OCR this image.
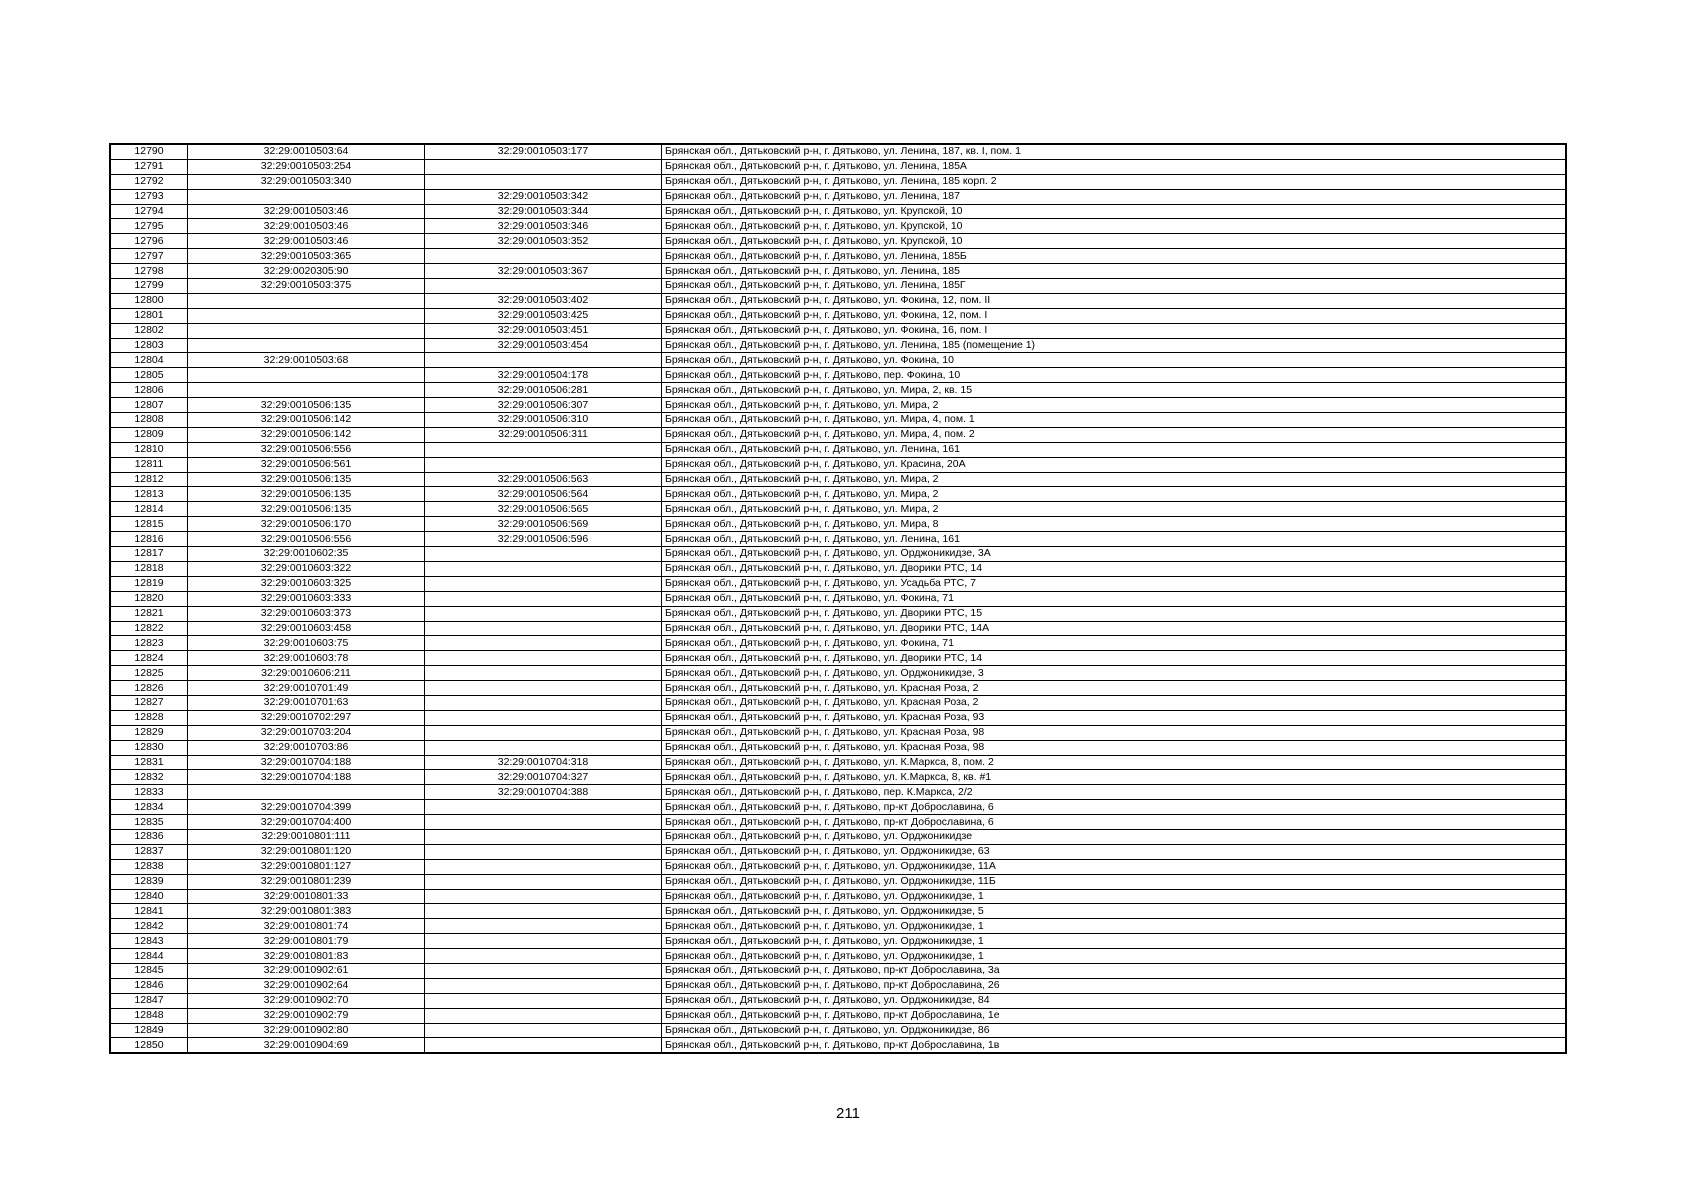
12790	32:29:0010503:64	32:29:0010503:177	Брянская обл., Дятьковский р-н, г. Дятьково, ул. Ленина, 187, кв. I, пом. 1
12791	32:29:0010503:254		Брянская обл., Дятьковский р-н, г. Дятьково, ул. Ленина, 185А
12792	32:29:0010503:340		Брянская обл., Дятьковский р-н, г. Дятьково, ул. Ленина, 185 корп. 2
12793		32:29:0010503:342	Брянская обл., Дятьковский р-н, г. Дятьково, ул. Ленина, 187
12794	32:29:0010503:46	32:29:0010503:344	Брянская обл., Дятьковский р-н, г. Дятьково, ул. Крупской, 10
12795	32:29:0010503:46	32:29:0010503:346	Брянская обл., Дятьковский р-н, г. Дятьково, ул. Крупской, 10
12796	32:29:0010503:46	32:29:0010503:352	Брянская обл., Дятьковский р-н, г. Дятьково, ул. Крупской, 10
12797	32:29:0010503:365		Брянская обл., Дятьковский р-н, г. Дятьково, ул. Ленина, 185Б
12798	32:29:0020305:90	32:29:0010503:367	Брянская обл., Дятьковский р-н, г. Дятьково, ул. Ленина, 185
12799	32:29:0010503:375		Брянская обл., Дятьковский р-н, г. Дятьково, ул. Ленина, 185Г
12800		32:29:0010503:402	Брянская обл., Дятьковский р-н, г. Дятьково, ул. Фокина, 12, пом. II
12801		32:29:0010503:425	Брянская обл., Дятьковский р-н, г. Дятьково, ул. Фокина, 12, пом. I
12802		32:29:0010503:451	Брянская обл., Дятьковский р-н, г. Дятьково, ул. Фокина, 16, пом. I
12803		32:29:0010503:454	Брянская обл., Дятьковский р-н, г. Дятьково, ул. Ленина, 185 (помещение 1)
12804	32:29:0010503:68		Брянская обл., Дятьковский р-н, г. Дятьково, ул. Фокина, 10
12805		32:29:0010504:178	Брянская обл., Дятьковский р-н, г. Дятьково, пер. Фокина, 10
12806		32:29:0010506:281	Брянская обл., Дятьковский р-н, г. Дятьково, ул. Мира, 2, кв. 15
12807	32:29:0010506:135	32:29:0010506:307	Брянская обл., Дятьковский р-н, г. Дятьково, ул. Мира, 2
12808	32:29:0010506:142	32:29:0010506:310	Брянская обл., Дятьковский р-н, г. Дятьково, ул. Мира, 4, пом. 1
12809	32:29:0010506:142	32:29:0010506:311	Брянская обл., Дятьковский р-н, г. Дятьково, ул. Мира, 4, пом. 2
12810	32:29:0010506:556		Брянская обл., Дятьковский р-н, г. Дятьково, ул. Ленина, 161
12811	32:29:0010506:561		Брянская обл., Дятьковский р-н, г. Дятьково, ул. Красина, 20А
12812	32:29:0010506:135	32:29:0010506:563	Брянская обл., Дятьковский р-н, г. Дятьково, ул. Мира, 2
12813	32:29:0010506:135	32:29:0010506:564	Брянская обл., Дятьковский р-н, г. Дятьково, ул. Мира, 2
12814	32:29:0010506:135	32:29:0010506:565	Брянская обл., Дятьковский р-н, г. Дятьково, ул. Мира, 2
12815	32:29:0010506:170	32:29:0010506:569	Брянская обл., Дятьковский р-н, г. Дятьково, ул. Мира, 8
12816	32:29:0010506:556	32:29:0010506:596	Брянская обл., Дятьковский р-н, г. Дятьково, ул. Ленина, 161
12817	32:29:0010602:35		Брянская обл., Дятьковский р-н, г. Дятьково, ул. Орджоникидзе, 3А
12818	32:29:0010603:322		Брянская обл., Дятьковский р-н, г. Дятьково, ул. Дворики РТС, 14
12819	32:29:0010603:325		Брянская обл., Дятьковский р-н, г. Дятьково, ул. Усадьба РТС, 7
12820	32:29:0010603:333		Брянская обл., Дятьковский р-н, г. Дятьково, ул. Фокина, 71
12821	32:29:0010603:373		Брянская обл., Дятьковский р-н, г. Дятьково, ул. Дворики РТС, 15
12822	32:29:0010603:458		Брянская обл., Дятьковский р-н, г. Дятьково, ул. Дворики РТС, 14А
12823	32:29:0010603:75		Брянская обл., Дятьковский р-н, г. Дятьково, ул. Фокина, 71
12824	32:29:0010603:78		Брянская обл., Дятьковский р-н, г. Дятьково, ул. Дворики РТС, 14
12825	32:29:0010606:211		Брянская обл., Дятьковский р-н, г. Дятьково, ул. Орджоникидзе, 3
12826	32:29:0010701:49		Брянская обл., Дятьковский р-н, г. Дятьково, ул. Красная Роза, 2
12827	32:29:0010701:63		Брянская обл., Дятьковский р-н, г. Дятьково, ул. Красная Роза, 2
12828	32:29:0010702:297		Брянская обл., Дятьковский р-н, г. Дятьково, ул. Красная Роза, 93
12829	32:29:0010703:204		Брянская обл., Дятьковский р-н, г. Дятьково, ул. Красная Роза, 98
12830	32:29:0010703:86		Брянская обл., Дятьковский р-н, г. Дятьково, ул. Красная Роза, 98
12831	32:29:0010704:188	32:29:0010704:318	Брянская обл., Дятьковский р-н, г. Дятьково, ул. К.Маркса, 8, пом. 2
12832	32:29:0010704:188	32:29:0010704:327	Брянская обл., Дятьковский р-н, г. Дятьково, ул. К.Маркса, 8, кв. #1
12833		32:29:0010704:388	Брянская обл., Дятьковский р-н, г. Дятьково, пер. К.Маркса, 2/2
12834	32:29:0010704:399		Брянская обл., Дятьковский р-н, г. Дятьково, пр-кт Доброславина, 6
12835	32:29:0010704:400		Брянская обл., Дятьковский р-н, г. Дятьково, пр-кт Доброславина, 6
12836	32:29:0010801:111		Брянская обл., Дятьковский р-н, г. Дятьково, ул. Орджоникидзе
12837	32:29:0010801:120		Брянская обл., Дятьковский р-н, г. Дятьково, ул. Орджоникидзе, 63
12838	32:29:0010801:127		Брянская обл., Дятьковский р-н, г. Дятьково, ул. Орджоникидзе, 11А
12839	32:29:0010801:239		Брянская обл., Дятьковский р-н, г. Дятьково, ул. Орджоникидзе, 11Б
12840	32:29:0010801:33		Брянская обл., Дятьковский р-н, г. Дятьково, ул. Орджоникидзе, 1
12841	32:29:0010801:383		Брянская обл., Дятьковский р-н, г. Дятьково, ул. Орджоникидзе, 5
12842	32:29:0010801:74		Брянская обл., Дятьковский р-н, г. Дятьково, ул. Орджоникидзе, 1
12843	32:29:0010801:79		Брянская обл., Дятьковский р-н, г. Дятьково, ул. Орджоникидзе, 1
12844	32:29:0010801:83		Брянская обл., Дятьковский р-н, г. Дятьково, ул. Орджоникидзе, 1
12845	32:29:0010902:61		Брянская обл., Дятьковский р-н, г. Дятьково, пр-кт Доброславина, 3а
12846	32:29:0010902:64		Брянская обл., Дятьковский р-н, г. Дятьково, пр-кт Доброславина, 26
12847	32:29:0010902:70		Брянская обл., Дятьковский р-н, г. Дятьково, ул. Орджоникидзе, 84
12848	32:29:0010902:79		Брянская обл., Дятьковский р-н, г. Дятьково, пр-кт Доброславина, 1е
12849	32:29:0010902:80		Брянская обл., Дятьковский р-н, г. Дятьково, ул. Орджоникидзе, 86
12850	32:29:0010904:69		Брянская обл., Дятьковский р-н, г. Дятьково, пр-кт Доброславина, 1в
211
